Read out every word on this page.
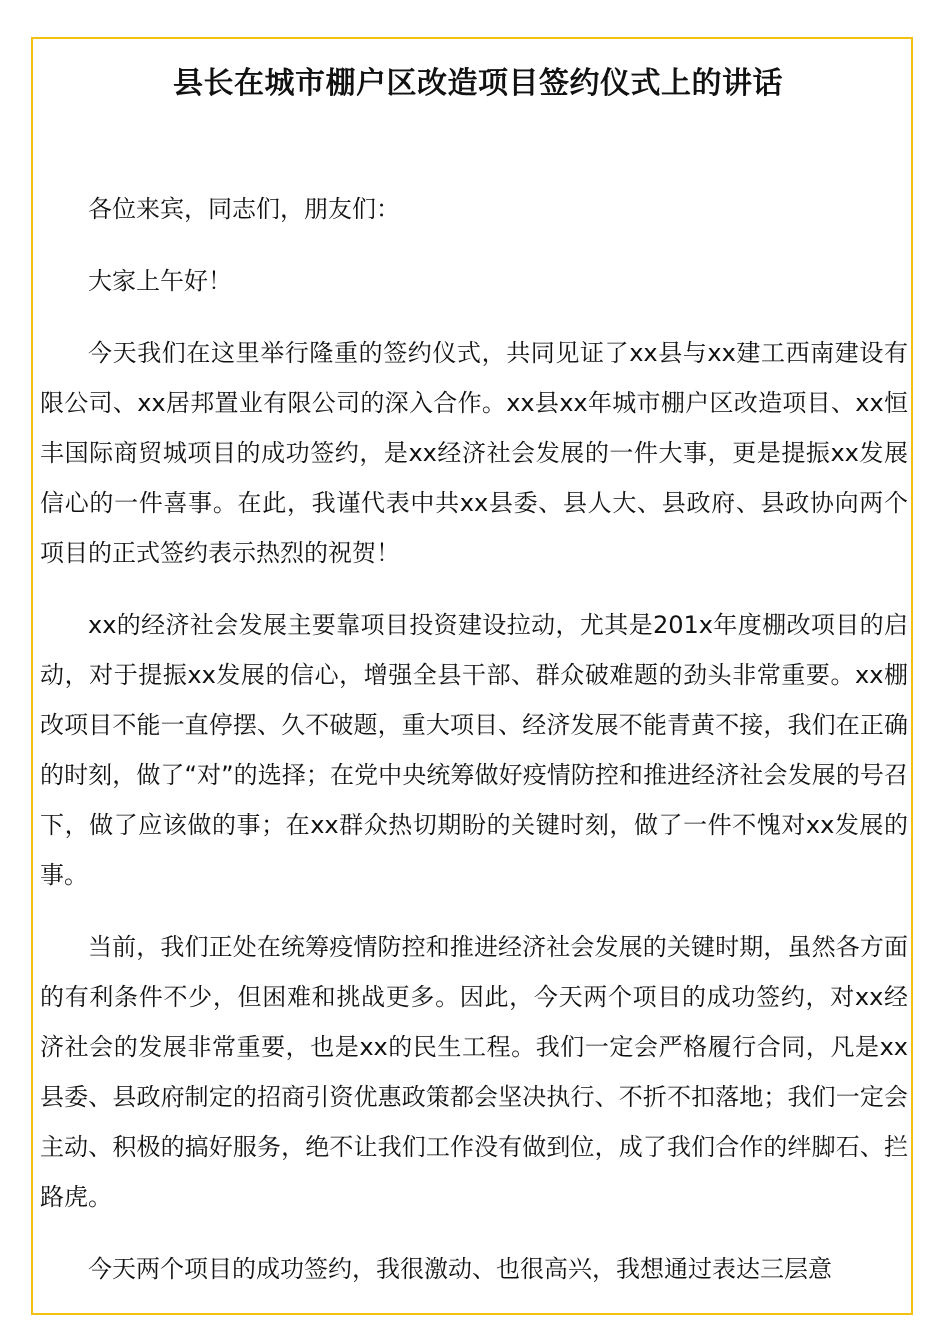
县长在城市棚户区改造项目签约仪式上的讲话

各位来宾，同志们，朋友们：

大家上午好！

今天我们在这里举行隆重的签约仪式，共同见证了xx县与xx建工西南建设有限公司、xx居邦置业有限公司的深入合作。xx县xx年城市棚户区改造项目、xx恒丰国际商贸城项目的成功签约，是xx经济社会发展的一件大事，更是提振xx发展信心的一件喜事。在此，我谨代表中共xx县委、县人大、县政府、县政协向两个项目的正式签约表示热烈的祝贺！

xx的经济社会发展主要靠项目投资建设拉动，尤其是201x年度棚改项目的启动，对于提振xx发展的信心，增强全县干部、群众破难题的劲头非常重要。xx棚改项目不能一直停摆、久不破题，重大项目、经济发展不能青黄不接，我们在正确的时刻，做了“对”的选择；在党中央统筹做好疫情防控和推进经济社会发展的号召下，做了应该做的事；在xx群众热切期盼的关键时刻，做了一件不愧对xx发展的事。

当前，我们正处在统筹疫情防控和推进经济社会发展的关键时期，虽然各方面的有利条件不少，但困难和挑战更多。因此，今天两个项目的成功签约，对xx经济社会的发展非常重要，也是xx的民生工程。我们一定会严格履行合同，凡是xx县委、县政府制定的招商引资优惠政策都会坚决执行、不折不扣落地；我们一定会主动、积极的搞好服务，绝不让我们工作没有做到位，成了我们合作的绊脚石、拦路虎。

今天两个项目的成功签约，我很激动、也很高兴，我想通过表达三层意
